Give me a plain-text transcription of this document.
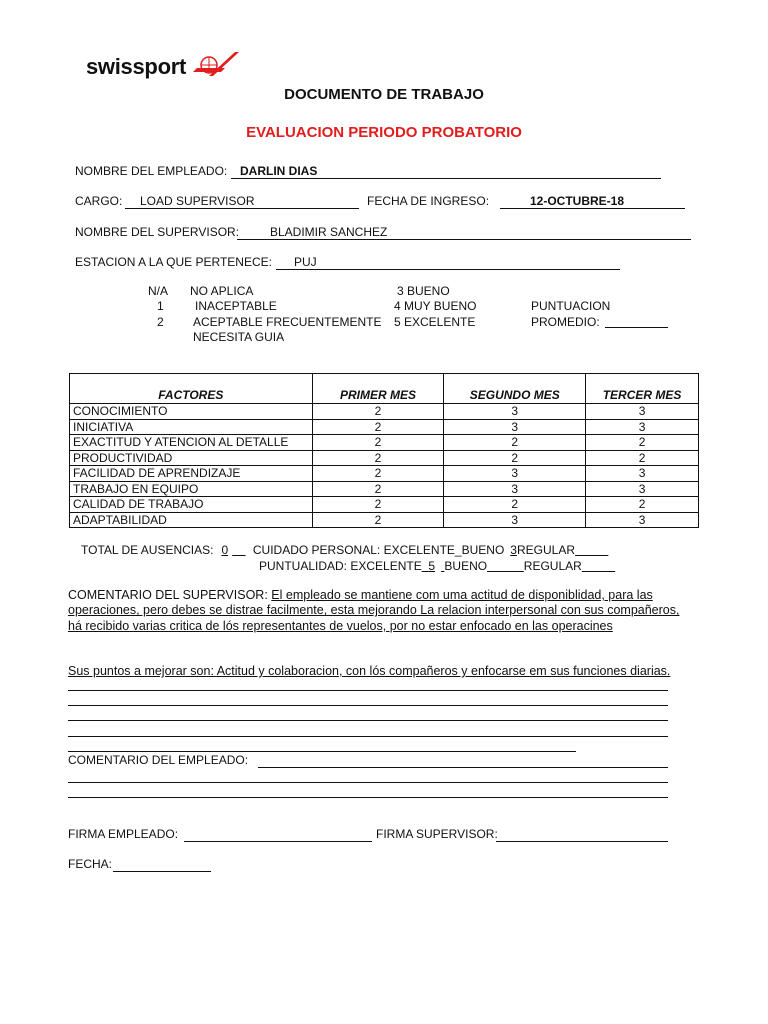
swissport
DOCUMENTO DE TRABAJO
EVALUACION PERIODO PROBATORIO
NOMBRE DEL EMPLEADO: DARLIN DIAS
CARGO: LOAD SUPERVISOR	FECHA DE INGRESO:	12-OCTUBRE-18
NOMBRE DEL SUPERVISOR:	BLADIMIR SANCHEZ
ESTACION A LA QUE PERTENECE: PUJ
N/A NO APLICA
1	INACEPTABLE
2 ACEPTABLE FRECUENTEMENTE
NECESITA GUIA
3 BUENO
4 MUY BUENO
5 EXCELENTE
PUNTUACION
PROMEDIO:
FACTORES	PRIMER MES	SEGUNDO MES	TERCER MES
CONOCIMIENTO	2	3	3
INICIATIVA	2	3	3
EXACTITUD Y ATENCION AL DETALLE	2	2	2
PRODUCTIVIDAD	2	2	2
FACILIDAD DE APRENDIZAJE	2	3	3
TRABAJO EN EQUIPO	2	3	3
CALIDAD DE TRABAJO	2	2	2
ADAPTABILIDAD	2	3	3
TOTAL DE AUSENCIAS: 0 CUIDADO PERSONAL: EXCELENTE_BUENO 3REGULAR
PUNTUALIDAD: EXCELENTE 5 BUENO	REGULAR
COMENTARIO DEL SUPERVISOR: El empleado se mantiene com uma actitud de disponiblidad, para las operaciones, pero debes se distrae facilmente, esta mejorando La relacion interpersonal con sus compañeros, há recibido varias critica de lós representantes de vuelos, por no estar enfocado en las operacines
Sus puntos a mejorar son: Actitud y colaboracion, con lós compañeros y enfocarse em sus funciones diarias.
COMENTARIO DEL EMPLEADO:
FIRMA EMPLEADO:	FIRMA SUPERVISOR:
FECHA:
